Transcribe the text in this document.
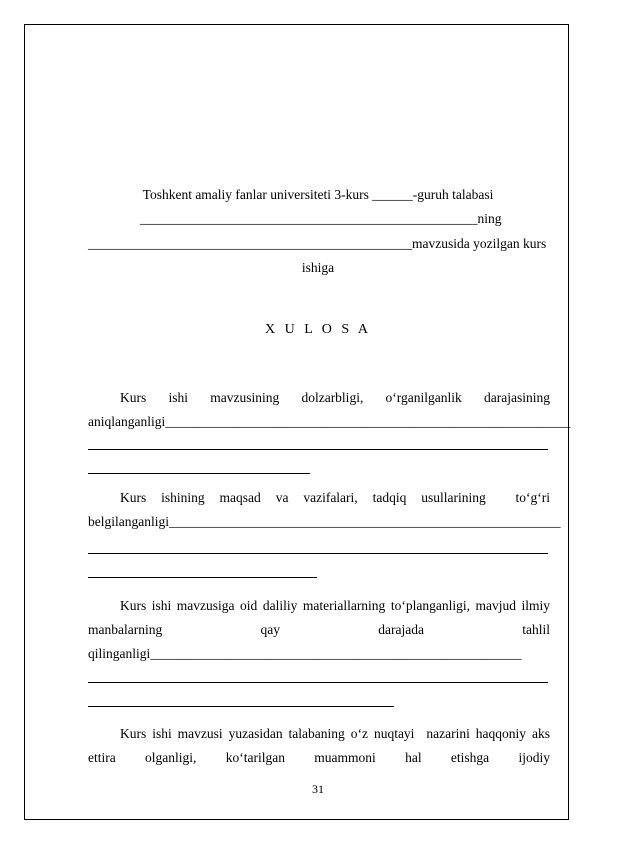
Toshkent amaliy fanlar universiteti 3-kurs ______-guruh talabasi
__________________________________________________ning
________________________________________________mavzusida yozilgan kurs
ishiga
X U L O S A
Kurs ishi mavzusining dolzarbligi, o‘rganilganlik darajasining
aniqlanganligi____________________________________________________________
Kurs ishining maqsad va vazifalari, tadqiq usullarining  to‘g‘ri
belgilanganligi__________________________________________________________
Kurs ishi mavzusiga oid daliliy materiallarning to‘planganligi, mavjud ilmiy
manbalarning qay darajada tahlil
qilinganligi_______________________________________________________
Kurs ishi mavzusi yuzasidan talabaning o‘z nuqtayi  nazarini haqqoniy aks
ettira olganligi, ko‘tarilgan muammoni hal etishga ijodiy
31
